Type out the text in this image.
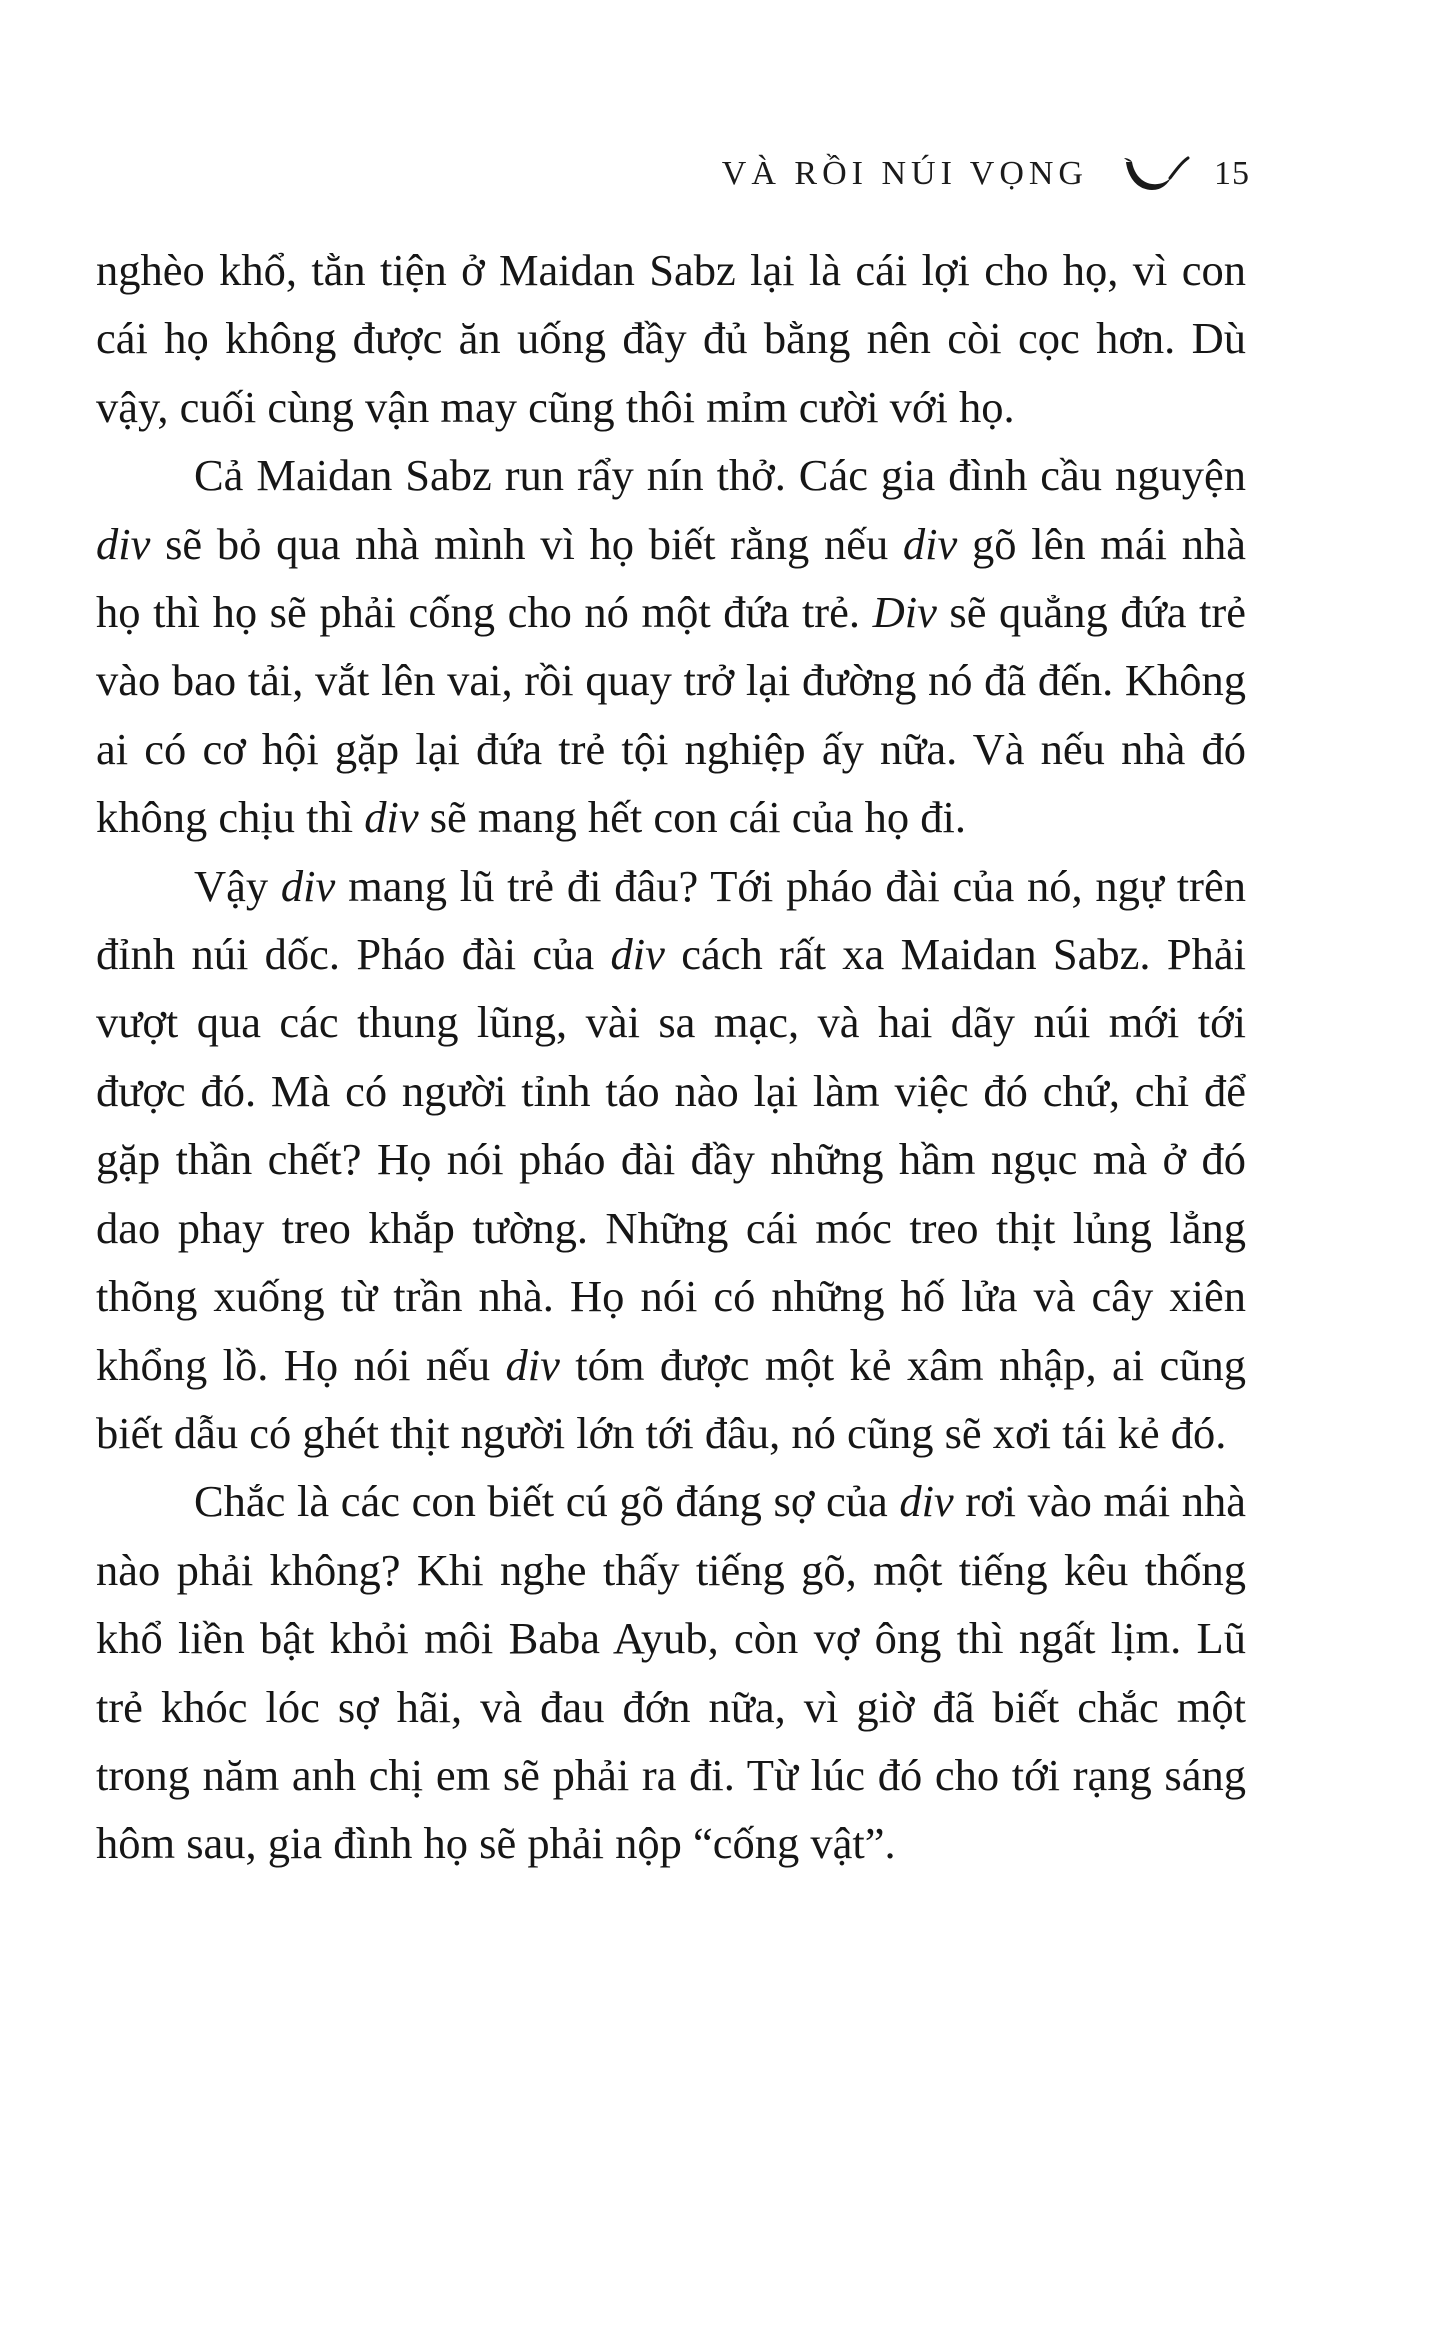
VÀ RỒI NÚI VỌNG	15

nghèo khổ, tằn tiện ở Maidan Sabz lại là cái lợi cho họ, vì con cái họ không được ăn uống đầy đủ bằng nên còi cọc hơn. Dù vậy, cuối cùng vận may cũng thôi mỉm cười với họ.

Cả Maidan Sabz run rẩy nín thở. Các gia đình cầu nguyện div sẽ bỏ qua nhà mình vì họ biết rằng nếu div gõ lên mái nhà họ thì họ sẽ phải cống cho nó một đứa trẻ. Div sẽ quẳng đứa trẻ vào bao tải, vắt lên vai, rồi quay trở lại đường nó đã đến. Không ai có cơ hội gặp lại đứa trẻ tội nghiệp ấy nữa. Và nếu nhà đó không chịu thì div sẽ mang hết con cái của họ đi.

Vậy div mang lũ trẻ đi đâu? Tới pháo đài của nó, ngự trên đỉnh núi dốc. Pháo đài của div cách rất xa Maidan Sabz. Phải vượt qua các thung lũng, vài sa mạc, và hai dãy núi mới tới được đó. Mà có người tỉnh táo nào lại làm việc đó chứ, chỉ để gặp thần chết? Họ nói pháo đài đầy những hầm ngục mà ở đó dao phay treo khắp tường. Những cái móc treo thịt lủng lẳng thõng xuống từ trần nhà. Họ nói có những hố lửa và cây xiên khổng lồ. Họ nói nếu div tóm được một kẻ xâm nhập, ai cũng biết dẫu có ghét thịt người lớn tới đâu, nó cũng sẽ xơi tái kẻ đó.

Chắc là các con biết cú gõ đáng sợ của div rơi vào mái nhà nào phải không? Khi nghe thấy tiếng gõ, một tiếng kêu thống khổ liền bật khỏi môi Baba Ayub, còn vợ ông thì ngất lịm. Lũ trẻ khóc lóc sợ hãi, và đau đớn nữa, vì giờ đã biết chắc một trong năm anh chị em sẽ phải ra đi. Từ lúc đó cho tới rạng sáng hôm sau, gia đình họ sẽ phải nộp “cống vật”.
